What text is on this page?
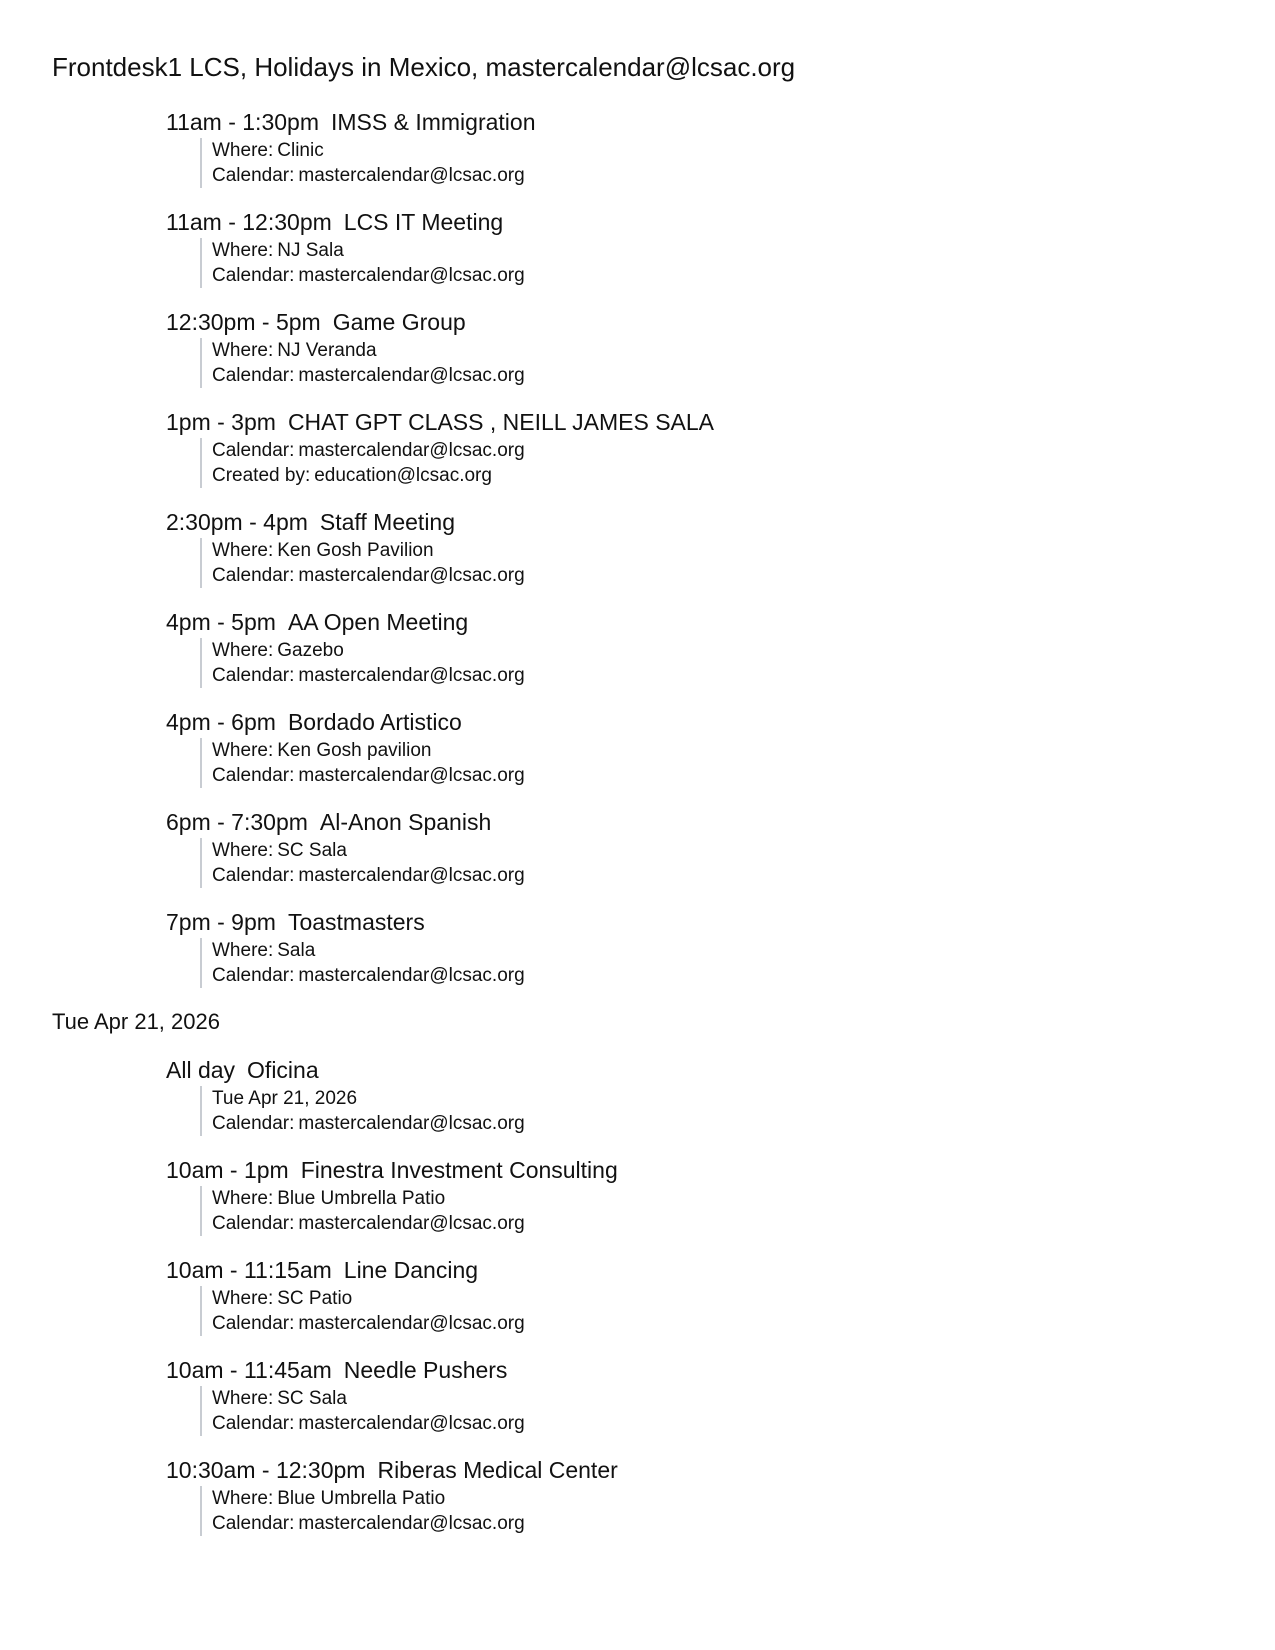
Frontdesk1 LCS, Holidays in Mexico, mastercalendar@lcsac.org
11am - 1:30pm IMSS & Immigration
Where: Clinic
Calendar: mastercalendar@lcsac.org
11am - 12:30pm LCS IT Meeting
Where: NJ Sala
Calendar: mastercalendar@lcsac.org
12:30pm - 5pm Game Group
Where: NJ Veranda
Calendar: mastercalendar@lcsac.org
1pm - 3pm CHAT GPT CLASS , NEILL JAMES SALA
Calendar: mastercalendar@lcsac.org
Created by: education@lcsac.org
2:30pm - 4pm Staff Meeting
Where: Ken Gosh Pavilion
Calendar: mastercalendar@lcsac.org
4pm - 5pm AA Open Meeting
Where: Gazebo
Calendar: mastercalendar@lcsac.org
4pm - 6pm Bordado Artistico
Where: Ken Gosh pavilion
Calendar: mastercalendar@lcsac.org
6pm - 7:30pm Al-Anon Spanish
Where: SC Sala
Calendar: mastercalendar@lcsac.org
7pm - 9pm Toastmasters
Where: Sala
Calendar: mastercalendar@lcsac.org
Tue Apr 21, 2026
All day Oficina
Tue Apr 21, 2026
Calendar: mastercalendar@lcsac.org
10am - 1pm Finestra Investment Consulting
Where: Blue Umbrella Patio
Calendar: mastercalendar@lcsac.org
10am - 11:15am Line Dancing
Where: SC Patio
Calendar: mastercalendar@lcsac.org
10am - 11:45am Needle Pushers
Where: SC Sala
Calendar: mastercalendar@lcsac.org
10:30am - 12:30pm Riberas Medical Center
Where: Blue Umbrella Patio
Calendar: mastercalendar@lcsac.org
